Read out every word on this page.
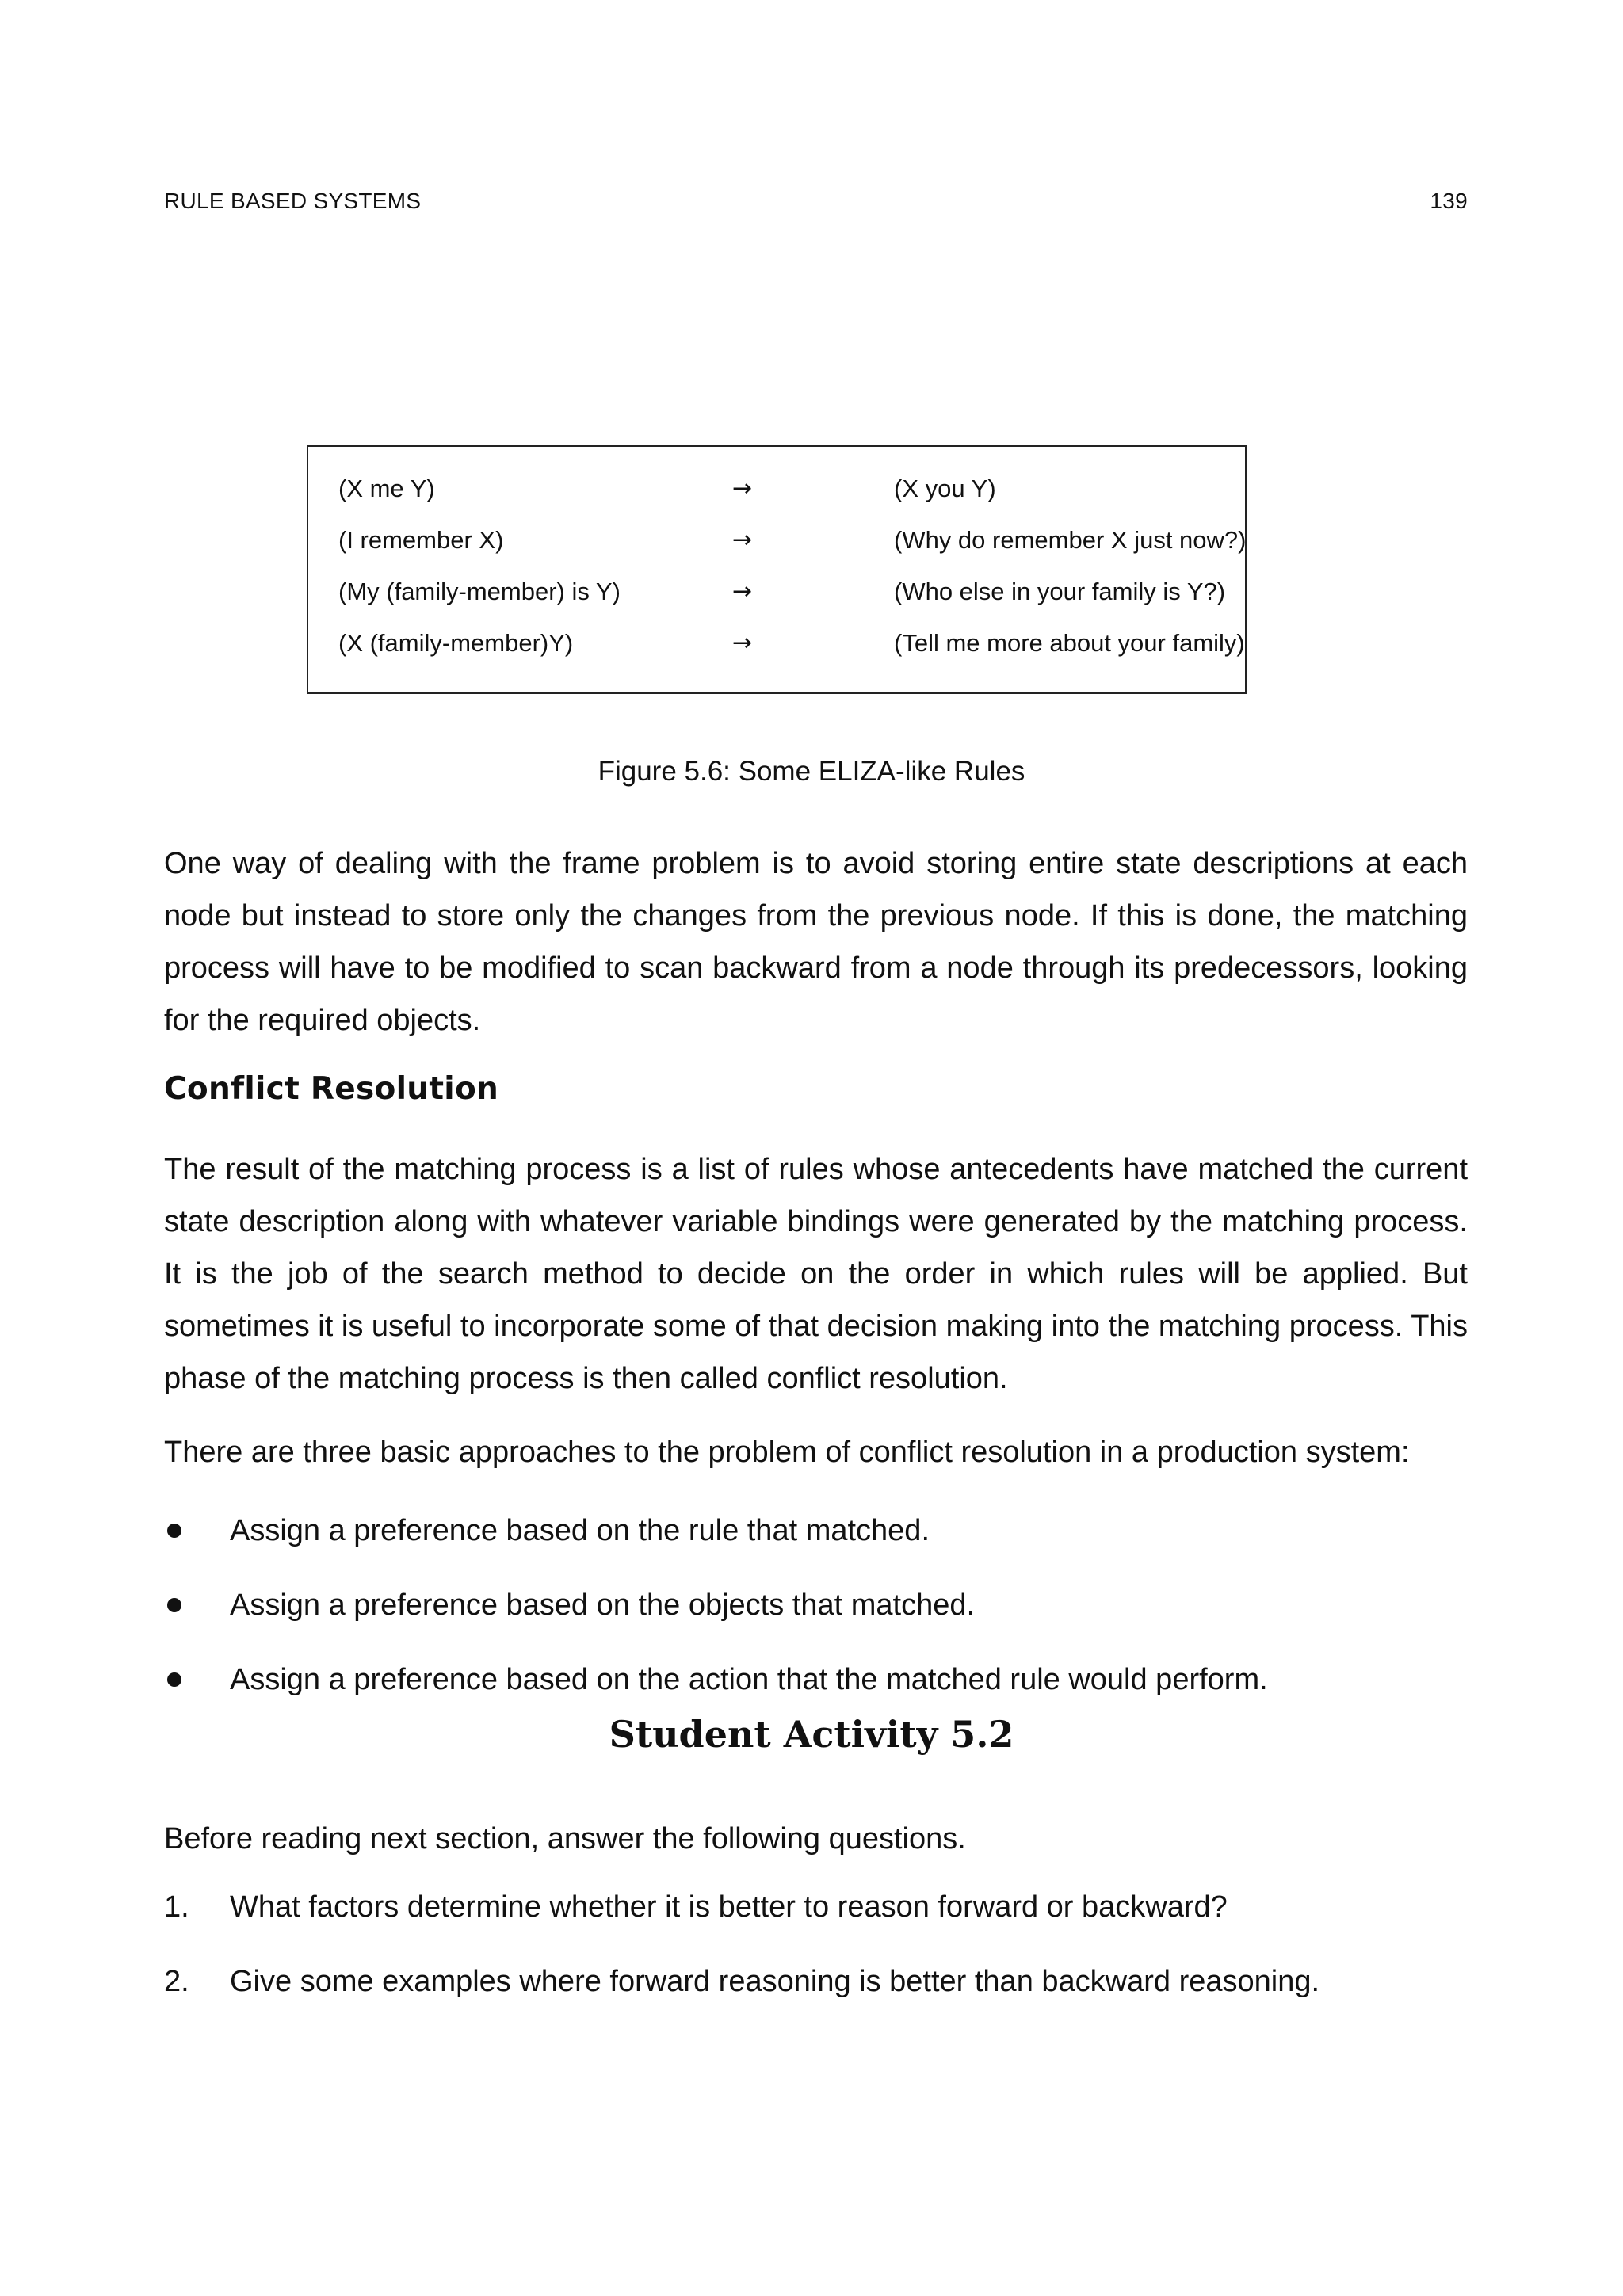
RULE BASED SYSTEMS	139
(X me Y)	→	(X you Y)
(I remember X)	→	(Why do remember X just now?)
(My (family-member) is Y)	→	(Who else in your family is Y?)
(X (family-member)Y)	→	(Tell me more about your family)
Figure 5.6: Some ELIZA-like Rules

One way of dealing with the frame problem is to avoid storing entire state descriptions at each node but instead to store only the changes from the previous node. If this is done, the matching process will have to be modified to scan backward from a node through its predecessors, looking for the required objects.

Conflict Resolution

The result of the matching process is a list of rules whose antecedents have matched the current state description along with whatever variable bindings were generated by the matching process. It is the job of the search method to decide on the order in which rules will be applied. But sometimes it is useful to incorporate some of that decision making into the matching process. This phase of the matching process is then called conflict resolution.

There are three basic approaches to the problem of conflict resolution in a production system:

Assign a preference based on the rule that matched.
Assign a preference based on the objects that matched.
Assign a preference based on the action that the matched rule would perform.
Student Activity 5.2

Before reading next section, answer the following questions.

1. What factors determine whether it is better to reason forward or backward?
2. Give some examples where forward reasoning is better than backward reasoning.
